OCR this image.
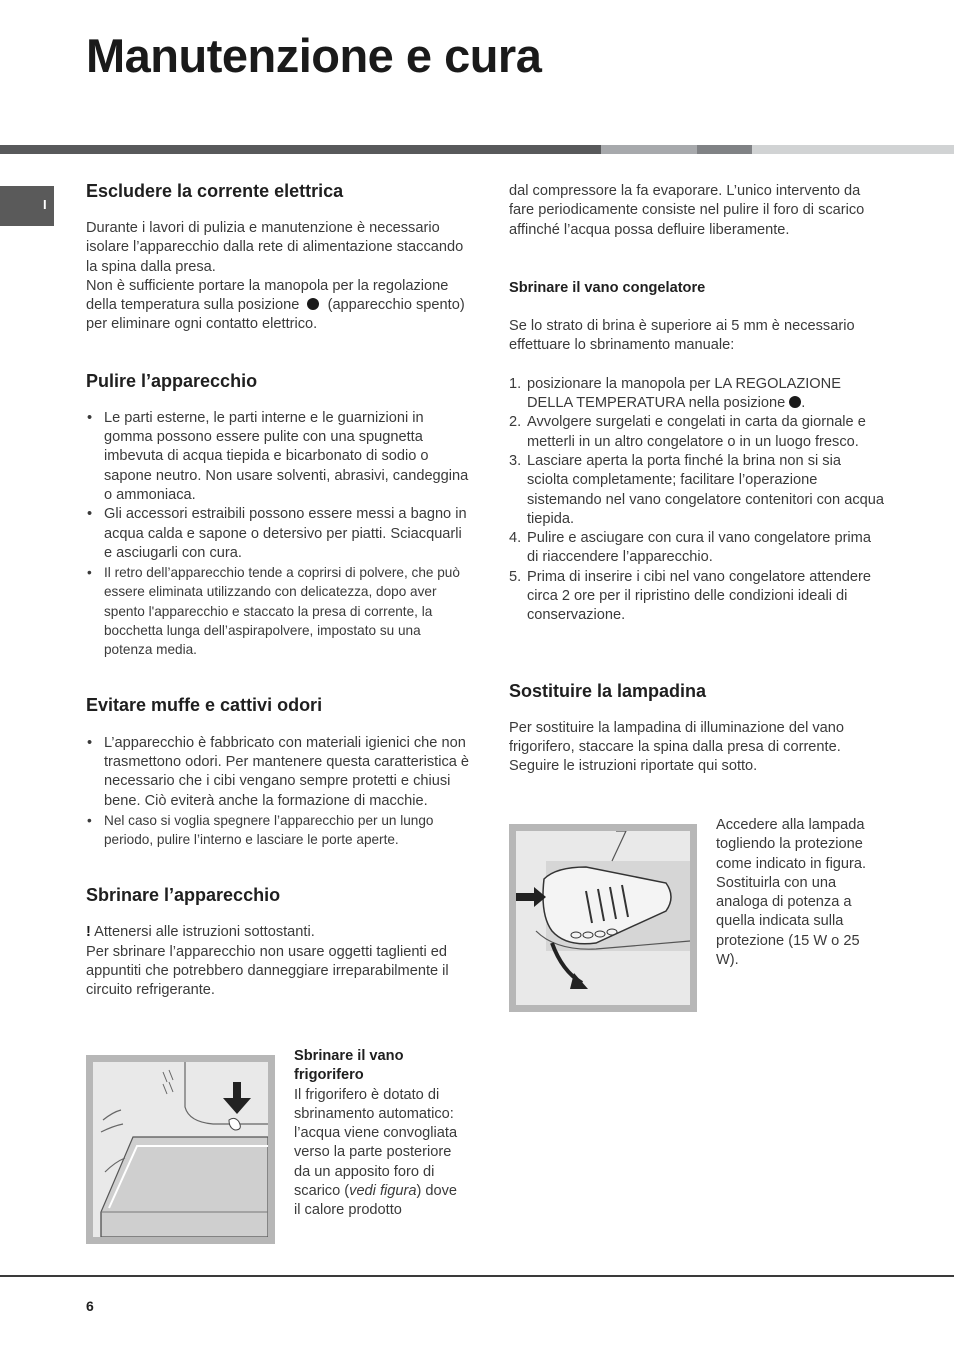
Manutenzione e cura
I
Escludere la corrente elettrica

Durante i lavori di pulizia e manutenzione è necessario isolare l’apparecchio dalla rete di alimentazione staccando la spina dalla presa.

Non è sufficiente portare la manopola per la regolazione della temperatura sulla posizione (apparecchio spento) per eliminare ogni contatto elettrico.

Pulire l’apparecchio
• Le parti esterne, le parti interne e le guarnizioni in gomma possono essere pulite con una spugnetta imbevuta di acqua tiepida e bicarbonato di sodio o sapone neutro. Non usare solventi, abrasivi, candeggina o ammoniaca.
• Gli accessori estraibili possono essere messi a bagno in acqua calda e sapone o detersivo per piatti. Sciacquarli e asciugarli con cura.
• Il retro dell’apparecchio tende a coprirsi di polvere, che può essere eliminata utilizzando con delicatezza, dopo aver spento l'apparecchio e staccato la presa di corrente, la bocchetta lunga dell’aspirapolvere, impostato su una potenza media.
Evitare muffe e cattivi odori
• L’apparecchio è fabbricato con materiali igienici che non trasmettono odori. Per mantenere questa caratteristica è necessario che i cibi vengano sempre protetti e chiusi bene. Ciò eviterà anche la formazione di macchie.
• Nel caso si voglia spegnere l’apparecchio per un lungo periodo, pulire l’interno e lasciare le porte aperte.
Sbrinare l’apparecchio

! Attenersi alle istruzioni sottostanti.

Per sbrinare l’apparecchio non usare oggetti taglienti ed appuntiti che potrebbero danneggiare irreparabilmente il circuito refrigerante.

Sbrinare il vano frigorifero

Il frigorifero è dotato di sbrinamento automatico: l’acqua viene convogliata verso la parte posteriore da un apposito foro di scarico (vedi figura) dove il calore prodotto

dal compressore la fa evaporare. L’unico intervento da fare periodicamente consiste nel pulire il foro di scarico affinché l’acqua possa defluire liberamente.

Sbrinare il vano congelatore

Se lo strato di brina è superiore ai 5 mm è necessario effettuare lo sbrinamento manuale:

1. posizionare la manopola per LA REGOLAZIONE DELLA TEMPERATURA nella posizione .
2. Avvolgere surgelati e congelati in carta da giornale e metterli in un altro congelatore o in un luogo fresco.
3. Lasciare aperta la porta finché la brina non si sia sciolta completamente; facilitare l’operazione sistemando nel vano congelatore contenitori con acqua tiepida.
4. Pulire e asciugare con cura il vano congelatore prima di riaccendere l’apparecchio.
5. Prima di inserire i cibi nel vano congelatore attendere circa 2 ore per il ripristino delle condizioni ideali di conservazione.
Sostituire la lampadina

Per sostituire la lampadina di illuminazione del vano frigorifero, staccare la spina dalla presa di corrente. Seguire le istruzioni riportate qui sotto.

Accedere alla lampada togliendo la protezione come indicato in figura. Sostituirla con una analoga di potenza a quella indicata sulla protezione (15 W o 25 W).

6
